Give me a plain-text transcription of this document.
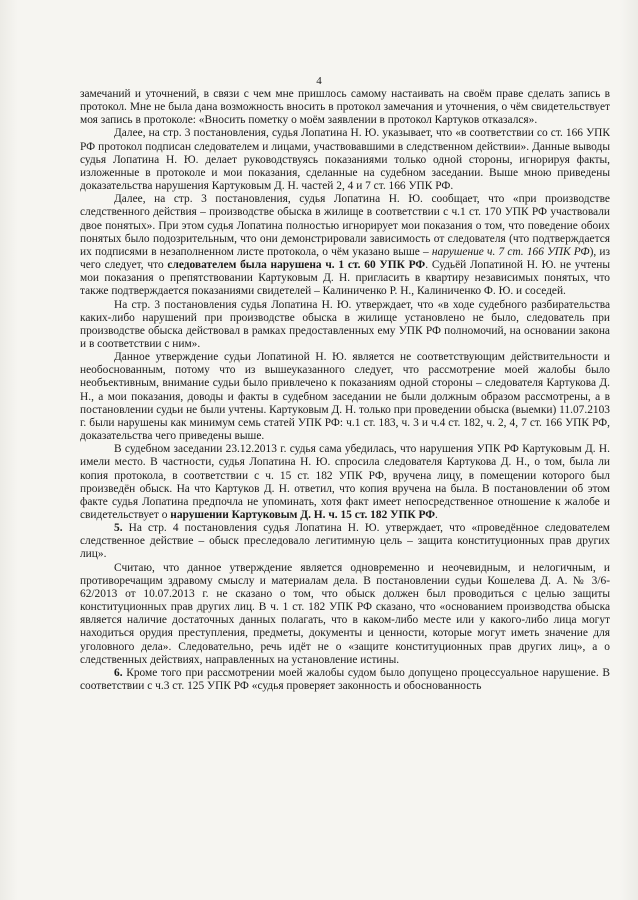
4

замечаний и уточнений, в связи с чем мне пришлось самому настаивать на своём праве сделать запись в протокол. Мне не была дана возможность вносить в протокол замечания и уточнения, о чём свидетельствует моя запись в протоколе: «Вносить пометку о моём заявлении в протокол Картуков отказался».

Далее, на стр. 3 постановления, судья Лопатина Н. Ю. указывает, что «в соответствии со ст. 166 УПК РФ протокол подписан следователем и лицами, участвовавшими в следственном действии». Данные выводы судья Лопатина Н. Ю. делает руководствуясь показаниями только одной стороны, игнорируя факты, изложенные в протоколе и мои показания, сделанные на судебном заседании. Выше мною приведены доказательства нарушения Картуковым Д. Н. частей 2, 4 и 7 ст. 166 УПК РФ.

Далее, на стр. 3 постановления, судья Лопатина Н. Ю. сообщает, что «при производстве следственного действия – производстве обыска в жилище в соответствии с ч.1 ст. 170 УПК РФ участвовали двое понятых». При этом судья Лопатина полностью игнорирует мои показания о том, что поведение обоих понятых было подозрительным, что они демонстрировали зависимость от следователя (что подтверждается их подписями в незаполненном листе протокола, о чём указано выше – нарушение ч. 7 ст. 166 УПК РФ), из чего следует, что следователем была нарушена ч. 1 ст. 60 УПК РФ. Судьёй Лопатиной Н. Ю. не учтены мои показания о препятствовании Картуковым Д. Н. пригласить в квартиру независимых понятых, что также подтверждается показаниями свидетелей – Калиниченко Р. Н., Калиниченко Ф. Ю. и соседей.

На стр. 3 постановления судья Лопатина Н. Ю. утверждает, что «в ходе судебного разбирательства каких-либо нарушений при производстве обыска в жилище установлено не было, следователь при производстве обыска действовал в рамках предоставленных ему УПК РФ полномочий, на основании закона и в соответствии с ним».

Данное утверждение судьи Лопатиной Н. Ю. является не соответствующим действительности и необоснованным, потому что из вышеуказанного следует, что рассмотрение моей жалобы было необъективным, внимание судьи было привлечено к показаниям одной стороны – следователя Картукова Д. Н., а мои показания, доводы и факты в судебном заседании не были должным образом рассмотрены, а в постановлении судьи не были учтены. Картуковым Д. Н. только при проведении обыска (выемки) 11.07.2103 г. были нарушены как минимум семь статей УПК РФ: ч.1 ст. 183, ч. 3 и ч.4 ст. 182, ч. 2, 4, 7 ст. 166 УПК РФ, доказательства чего приведены выше.

В судебном заседании 23.12.2013 г. судья сама убедилась, что нарушения УПК РФ Картуковым Д. Н. имели место. В частности, судья Лопатина Н. Ю. спросила следователя Картукова Д. Н., о том, была ли копия протокола, в соответствии с ч. 15 ст. 182 УПК РФ, вручена лицу, в помещении которого был произведён обыск. На что Картуков Д. Н. ответил, что копия вручена на была. В постановлении об этом факте судья Лопатина предпочла не упоминать, хотя факт имеет непосредственное отношение к жалобе и свидетельствует о нарушении Картуковым Д. Н. ч. 15 ст. 182 УПК РФ.

5. На стр. 4 постановления судья Лопатина Н. Ю. утверждает, что «проведённое следователем следственное действие – обыск преследовало легитимную цель – защита конституционных прав других лиц».

Считаю, что данное утверждение является одновременно и неочевидным, и нелогичным, и противоречащим здравому смыслу и материалам дела. В постановлении судьи Кошелева Д. А. № 3/6-62/2013 от 10.07.2013 г. не сказано о том, что обыск должен был проводиться с целью защиты конституционных прав других лиц. В ч. 1 ст. 182 УПК РФ сказано, что «основанием производства обыска является наличие достаточных данных полагать, что в каком-либо месте или у какого-либо лица могут находиться орудия преступления, предметы, документы и ценности, которые могут иметь значение для уголовного дела». Следовательно, речь идёт не о «защите конституционных прав других лиц», а о следственных действиях, направленных на установление истины.

6. Кроме того при рассмотрении моей жалобы судом было допущено процессуальное нарушение. В соответствии с ч.3 ст. 125 УПК РФ «судья проверяет законность и обоснованность
